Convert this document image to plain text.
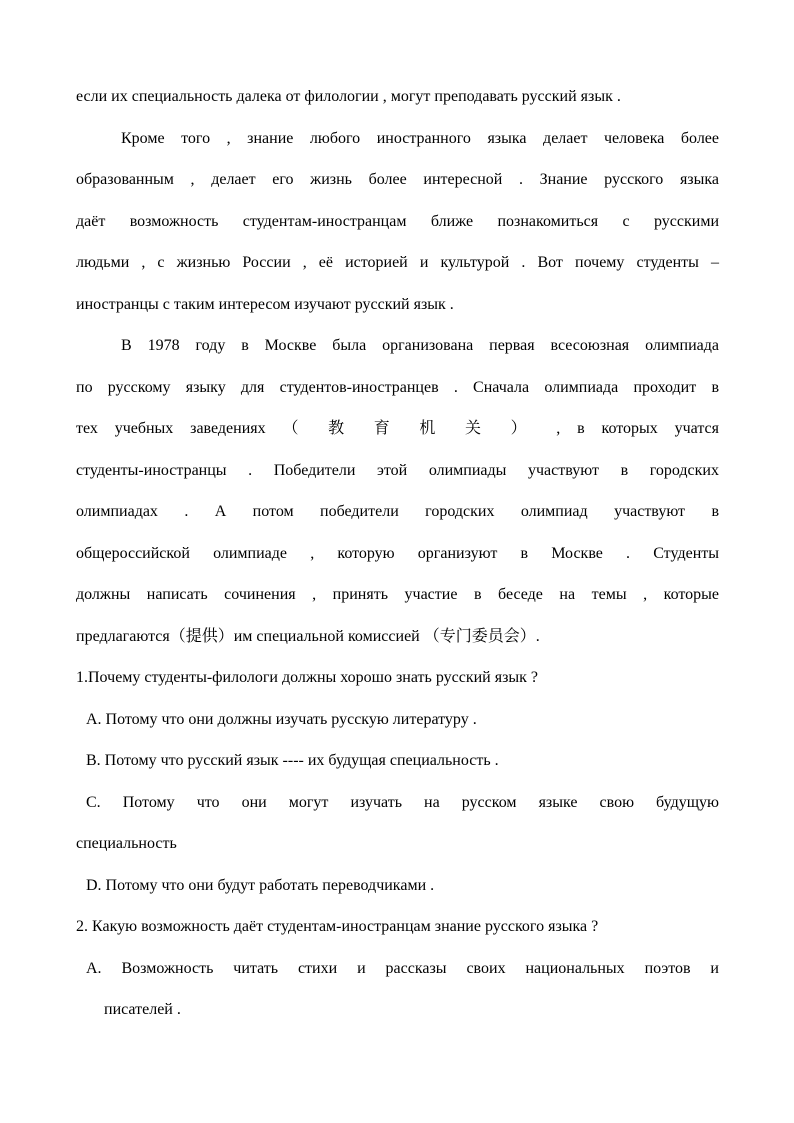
если их специальность далека от филологии , могут преподавать русский язык .
Кроме того , знание любого иностранного языка делает человека более
образованным , делает его жизнь более интересной . Знание русского языка
даёт возможность студентам-иностранцам ближе познакомиться с русскими
людьми , с жизнью России , её историей и культурой . Вот почему студенты –
иностранцы с таким интересом изучают русский язык .
В 1978 году в Москве была организована первая всесоюзная олимпиада
по русскому языку для студентов-иностранцев . Сначала олимпиада проходит в
тех учебных заведениях （ 教 育 机 关 ） , в которых учатся
студенты-иностранцы . Победители этой олимпиады участвуют в городских
олимпиадах . А потом победители городских олимпиад участвуют в
общероссийской олимпиаде , которую организуют в Москве . Студенты
должны написать сочинения , принять участие в беседе на темы , которые
предлагаются（提供）им специальной комиссией （专门委员会）.
1.Почему студенты-филологи должны хорошо знать русский язык ?
A. Потому что они должны изучать русскую литературу .
B. Потому что русский язык ---- их будущая специальность .
C. Потому что они могут изучать на русском языке свою будущую
специальность
D. Потому что они будут работать переводчиками .
2. Какую возможность даёт студентам-иностранцам знание русского языка ?
A. Возможность читать стихи и рассказы своих национальных поэтов и
писателей .
